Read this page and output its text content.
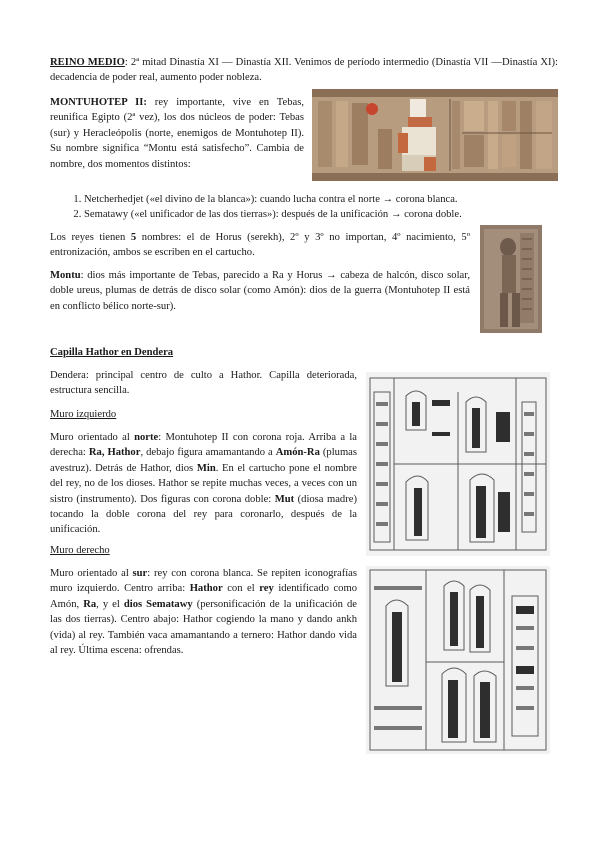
REINO MEDIO: 2ª mitad Dinastía XI — Dinastía XII. Venimos de período intermedio (Dinastía VII —Dinastía XI): decadencia de poder real, aumento poder nobleza.
MONTUHOTEP II: rey importante, vive en Tebas, reunifica Egipto (2ª vez), los dos núcleos de poder: Tebas (sur) y Heracleópolis (norte, enemigos de Montuhotep II). Su nombre significa “Montu está satisfecho”. Cambia de nombre, dos momentos distintos:
1. Netcherhedjet («el divino de la blanca»): cuando lucha contra el norte → corona blanca.
2. Sematawy («el unificador de las dos tierras»): después de la unificación → corona doble.
Los reyes tienen 5 nombres: el de Horus (serekh), 2º y 3º no importan, 4º nacimiento, 5º entronización, ambos se escriben en el cartucho.
Montu: dios más importante de Tebas, parecido a Ra y Horus → cabeza de halcón, disco solar, doble ureus, plumas de detrás de disco solar (como Amón): dios de la guerra (Montuhotep II está en conflicto bélico norte-sur).
Capilla Hathor en Dendera
Dendera: principal centro de culto a Hathor. Capilla deteriorada, estructura sencilla.
Muro izquierdo
Muro orientado al norte: Montuhotep II con corona roja. Arriba a la derecha: Ra, Hathor, debajo figura amamantando a Amón-Ra (plumas avestruz). Detrás de Hathor, dios Min. En el cartucho pone el nombre del rey, no de los dioses. Hathor se repite muchas veces, a veces con un sistro (instrumento). Dos figuras con corona doble: Mut (diosa madre) tocando la doble corona del rey para coronarlo, después de la unificación.
Muro derecho
Muro orientado al sur: rey con corona blanca. Se repiten iconografías muro izquierdo. Centro arriba: Hathor con el rey identificado como Amón, Ra, y el dios Sematawy (personificación de la unificación de las dos tierras). Centro abajo: Hathor cogiendo la mano y dando ankh (vida) al rey. También vaca amamantando a ternero: Hathor dando vida al rey. Última escena: ofrendas.
